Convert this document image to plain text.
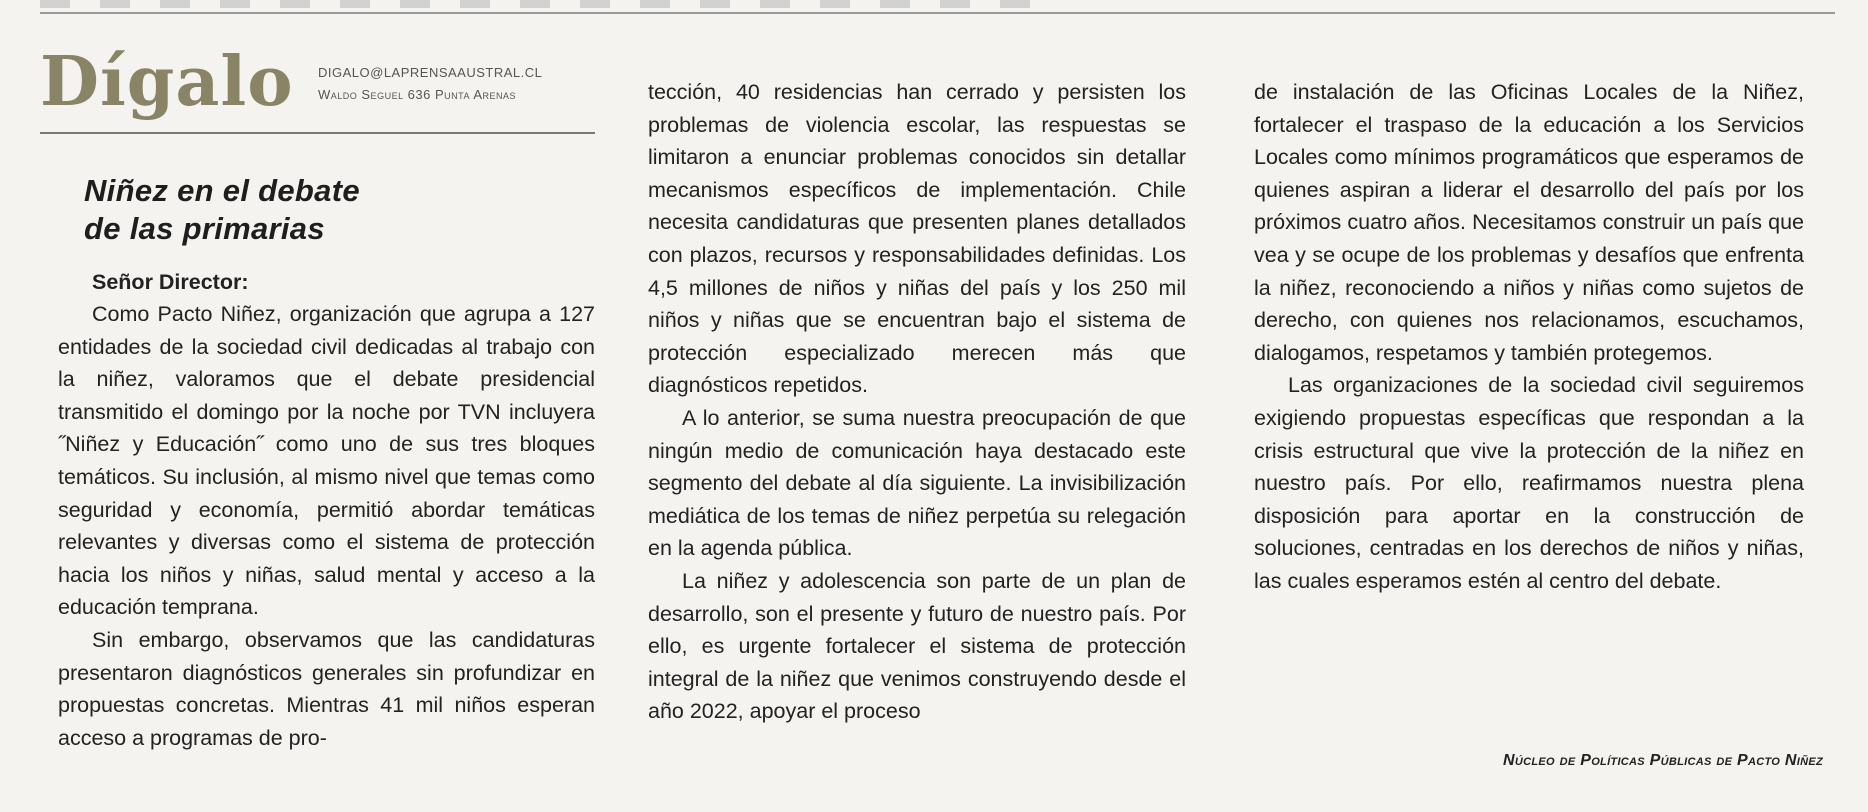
Dígalo DIGALO@LAPRENSAAUSTRAL.CL
Waldo Seguel 636 Punta Arenas
Niñez en el debate
de las primarias

Señor Director:

Como Pacto Niñez, organización que agrupa a 127 entidades de la sociedad civil dedicadas al trabajo con la niñez, valoramos que el debate presidencial transmitido el domingo por la noche por TVN incluyera ˝Niñez y Educación˝ como uno de sus tres bloques temáticos. Su inclusión, al mismo nivel que temas como seguridad y economía, permitió abordar temáticas relevantes y diversas como el sistema de protección hacia los niños y niñas, salud mental y acceso a la educación temprana.

Sin embargo, observamos que las candidaturas presentaron diagnósticos generales sin profundizar en propuestas concretas. Mientras 41 mil niños esperan acceso a programas de pro-

tección, 40 residencias han cerrado y persisten los problemas de violencia escolar, las respuestas se limitaron a enunciar problemas conocidos sin detallar mecanismos específicos de implementación. Chile necesita candidaturas que presenten planes detallados con plazos, recursos y responsabilidades definidas. Los 4,5 millones de niños y niñas del país y los 250 mil niños y niñas que se encuentran bajo el sistema de protección especializado merecen más que diagnósticos repetidos.

A lo anterior, se suma nuestra preocupación de que ningún medio de comunicación haya destacado este segmento del debate al día siguiente. La invisibilización mediática de los temas de niñez perpetúa su relegación en la agenda pública.

La niñez y adolescencia son parte de un plan de desarrollo, son el presente y futuro de nuestro país. Por ello, es urgente fortalecer el sistema de protección integral de la niñez que venimos construyendo desde el año 2022, apoyar el proceso

de instalación de las Oficinas Locales de la Niñez, fortalecer el traspaso de la educación a los Servicios Locales como mínimos programáticos que esperamos de quienes aspiran a liderar el desarrollo del país por los próximos cuatro años. Necesitamos construir un país que vea y se ocupe de los problemas y desafíos que enfrenta la niñez, reconociendo a niños y niñas como sujetos de derecho, con quienes nos relacionamos, escuchamos, dialogamos, respetamos y también protegemos.

Las organizaciones de la sociedad civil seguiremos exigiendo propuestas específicas que respondan a la crisis estructural que vive la protección de la niñez en nuestro país. Por ello, reafirmamos nuestra plena disposición para aportar en la construcción de soluciones, centradas en los derechos de niños y niñas, las cuales esperamos estén al centro del debate.

Núcleo de Políticas Públicas de Pacto Niñez
